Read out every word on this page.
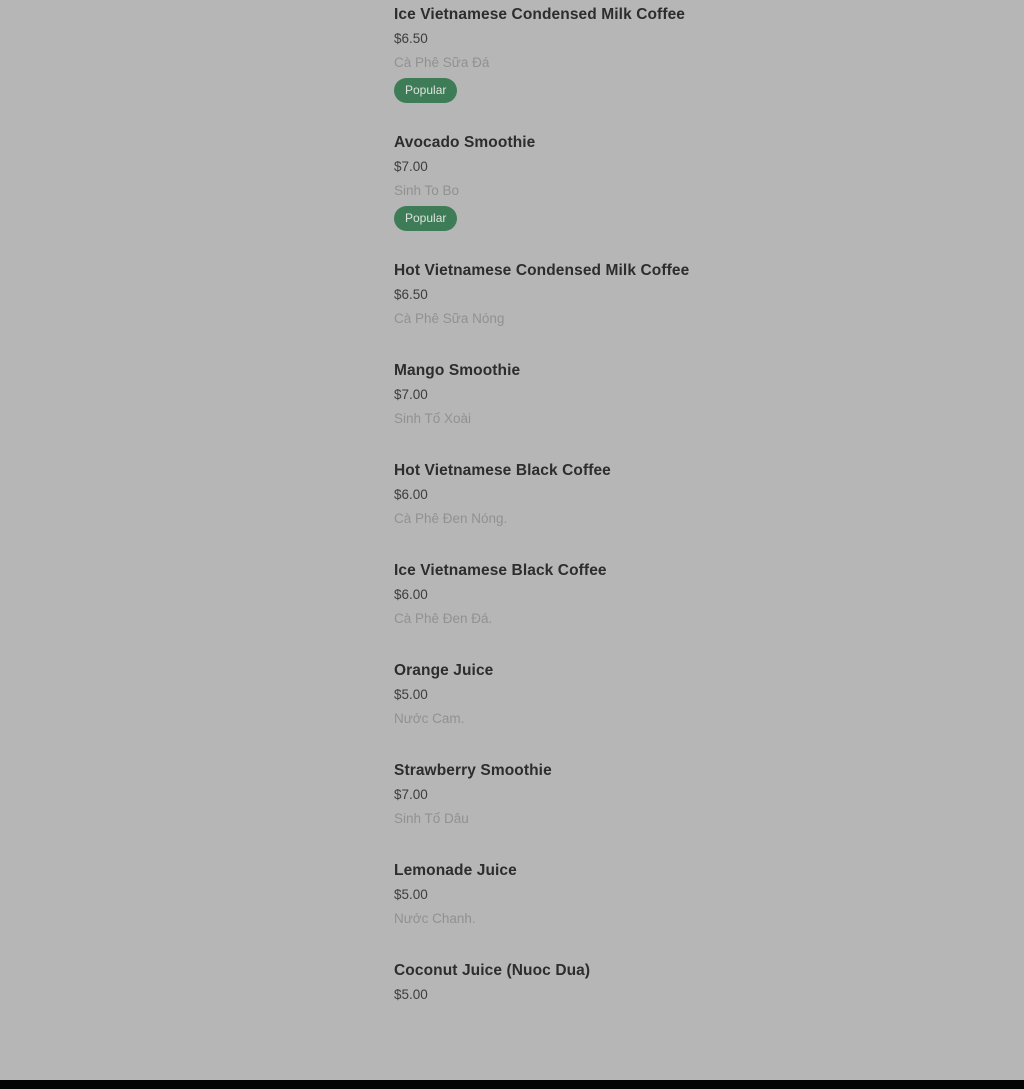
Ice Vietnamese Condensed Milk Coffee
$6.50
Cà Phê Sữa Đá
Popular
Avocado Smoothie
$7.00
Sinh To Bo
Popular
Hot Vietnamese Condensed Milk Coffee
$6.50
Cà Phê Sữa Nóng
Mango Smoothie
$7.00
Sinh Tố Xoài
Hot Vietnamese Black Coffee
$6.00
Cà Phê Đen Nóng.
Ice Vietnamese Black Coffee
$6.00
Cà Phê Đen Đá.
Orange Juice
$5.00
Nước Cam.
Strawberry Smoothie
$7.00
Sinh Tố Dâu
Lemonade Juice
$5.00
Nước Chanh.
Coconut Juice (Nuoc Dua)
$5.00
